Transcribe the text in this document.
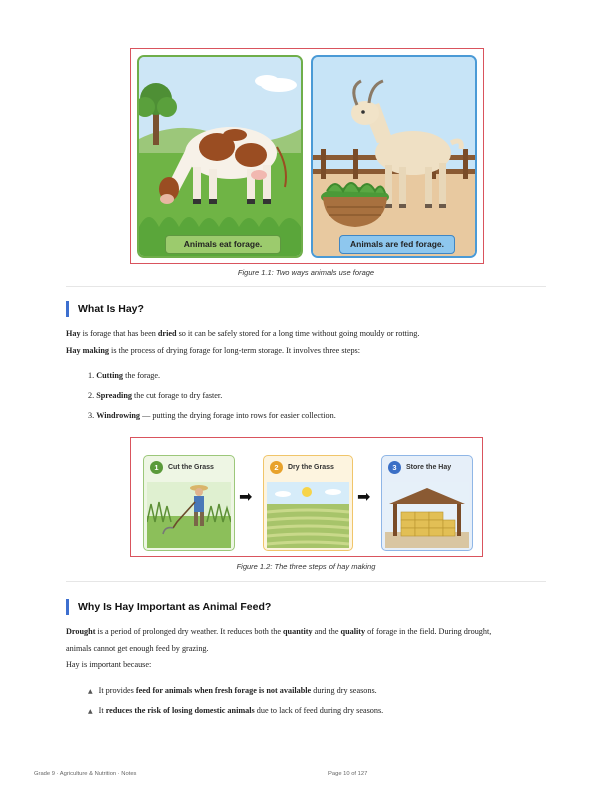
Animals eat forage.	Animals are fed forage.
Figure 1.1: Two ways animals use forage
What Is Hay?
Hay is forage that has been dried so it can be safely stored for a long time without going mouldy or rotting.
Hay making is the process of drying forage for long-term storage. It involves three steps:
1. Cutting the forage.
2. Spreading the cut forage to dry faster.
3. Windrowing — putting the drying forage into rows for easier collection.
1	Cut the Grass
➡
2	Dry the Grass
➡
3	Store the Hay
Figure 1.2: The three steps of hay making
Why Is Hay Important as Animal Feed?
Drought is a period of prolonged dry weather. It reduces both the quantity and the quality of forage in the field. During drought,
animals cannot get enough feed by grazing.
Hay is important because:
▲ It provides feed for animals when fresh forage is not available during dry seasons.
▲ It reduces the risk of losing domestic animals due to lack of feed during dry seasons.
Grade 9 · Agriculture & Nutrition · Notes	Page 10 of 127
